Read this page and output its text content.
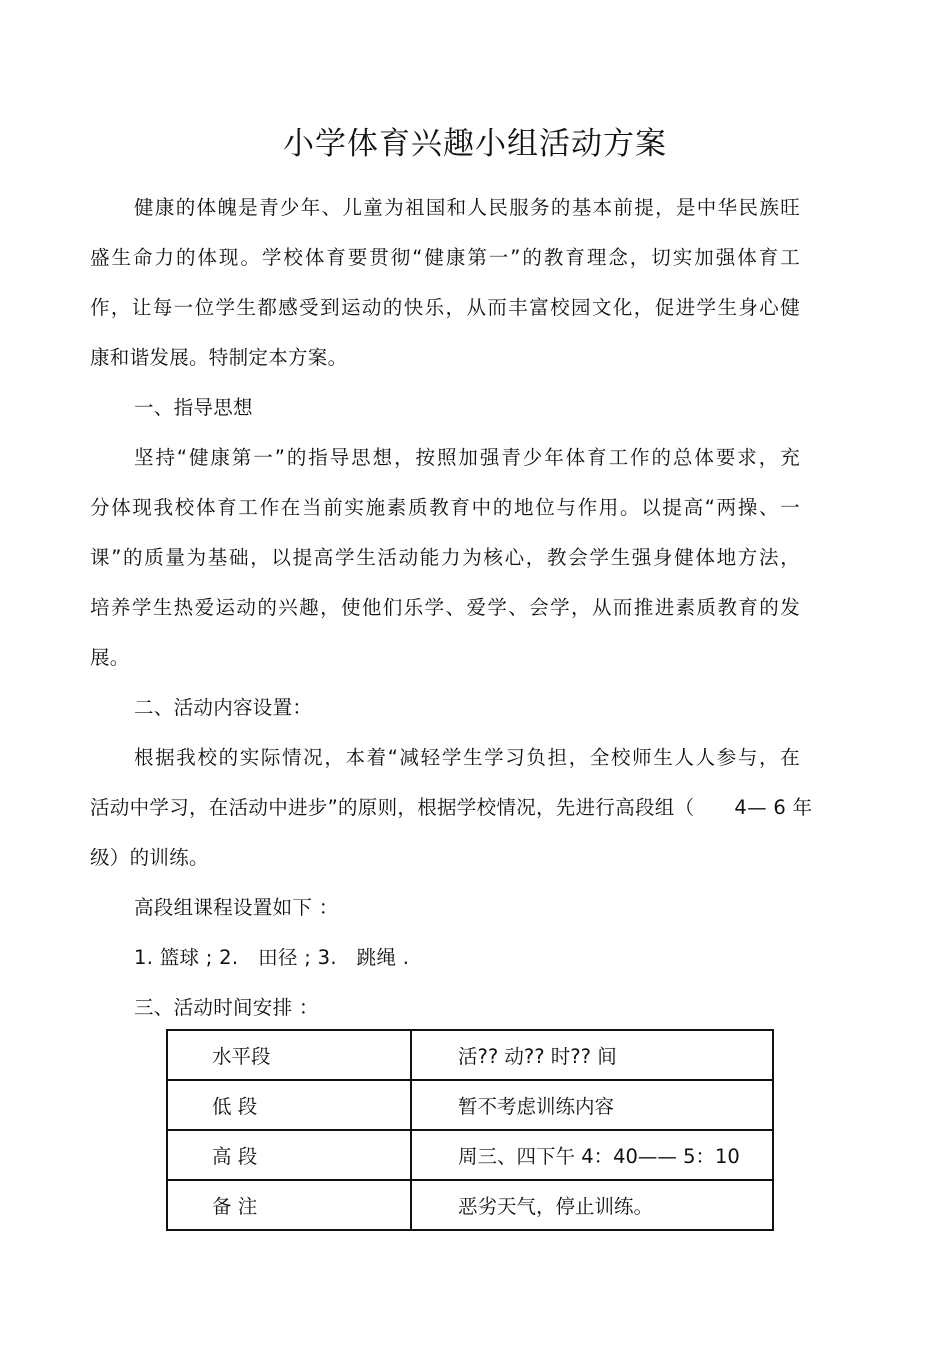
小学体育兴趣小组活动方案
健康的体魄是青少年、儿童为祖国和人民服务的基本前提，是中华民族旺
盛生命力的体现。学校体育要贯彻“健康第一”的教育理念，切实加强体育工
作，让每一位学生都感受到运动的快乐，从而丰富校园文化，促进学生身心健
康和谐发展。特制定本方案。
一、指导思想
坚持“健康第一”的指导思想，按照加强青少年体育工作的总体要求，充
分体现我校体育工作在当前实施素质教育中的地位与作用。以提高“两操、一
课”的质量为基础，以提高学生活动能力为核心，教会学生强身健体地方法，
培养学生热爱运动的兴趣，使他们乐学、爱学、会学，从而推进素质教育的发
展。
二、活动内容设置：
根据我校的实际情况，本着“减轻学生学习负担，全校师生人人参与，在
活动中学习，在活动中进步”的原则，根据学校情况，先进行高段组（ 4— 6 年
级）的训练。
高段组课程设置如下 ：
1. 篮球 ; 2.　田径 ; 3.　跳绳 .
三、活动时间安排 ：
水平段	活?? 动?? 时?? 间
低 段	暂不考虑训练内容
高 段	周三、四下午 4：40—— 5：10
备 注	恶劣天气，停止训练。
